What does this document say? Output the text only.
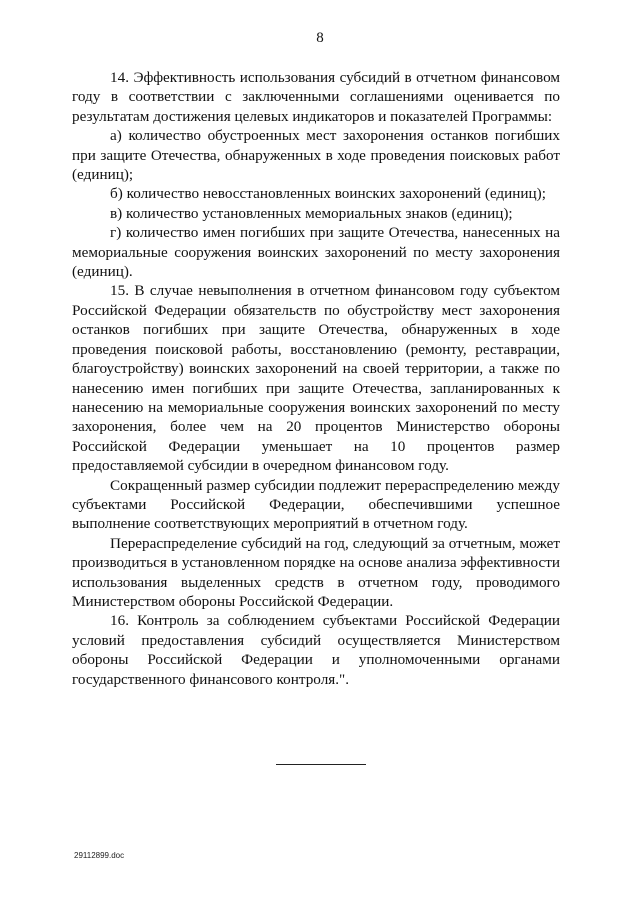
8

14. Эффективность использования субсидий в отчетном финансовом году в соответствии с заключенными соглашениями оценивается по результатам достижения целевых индикаторов и показателей Программы:

а) количество обустроенных мест захоронения останков погибших при защите Отечества, обнаруженных в ходе проведения поисковых работ (единиц);

б) количество невосстановленных воинских захоронений (единиц);

в) количество установленных мемориальных знаков (единиц);

г) количество имен погибших при защите Отечества, нанесенных на мемориальные сооружения воинских захоронений по месту захоронения (единиц).

15. В случае невыполнения в отчетном финансовом году субъектом Российской Федерации обязательств по обустройству мест захоронения останков погибших при защите Отечества, обнаруженных в ходе проведения поисковой работы, восстановлению (ремонту, реставрации, благоустройству) воинских захоронений на своей территории, а также по нанесению имен погибших при защите Отечества, запланированных к нанесению на мемориальные сооружения воинских захоронений по месту захоронения, более чем на 20 процентов Министерство обороны Российской Федерации уменьшает на 10 процентов размер предоставляемой субсидии в очередном финансовом году.

Сокращенный размер субсидии подлежит перераспределению между субъектами Российской Федерации, обеспечившими успешное выполнение соответствующих мероприятий в отчетном году.

Перераспределение субсидий на год, следующий за отчетным, может производиться в установленном порядке на основе анализа эффективности использования выделенных средств в отчетном году, проводимого Министерством обороны Российской Федерации.

16. Контроль за соблюдением субъектами Российской Федерации условий предоставления субсидий осуществляется Министерством обороны Российской Федерации и уполномоченными органами государственного финансового контроля.".

29112899.doc
